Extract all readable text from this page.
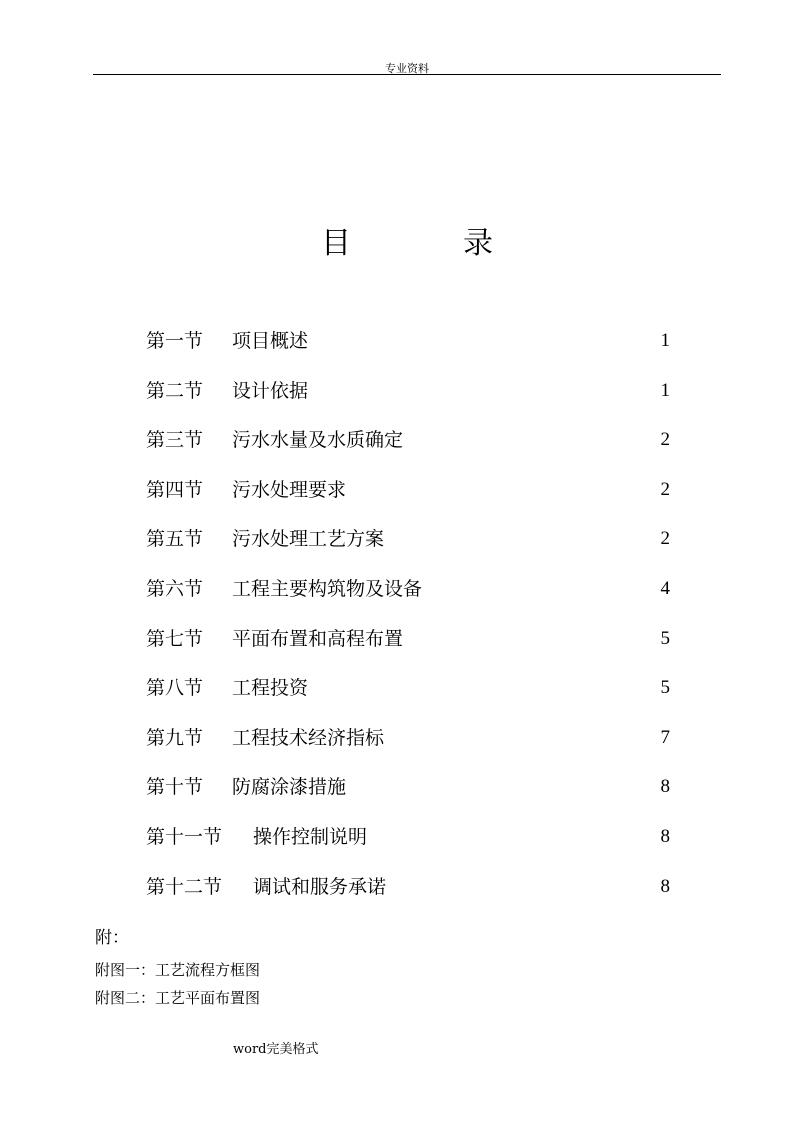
专业资料
目	录
第一节 项目概述	1
第二节 设计依据	1
第三节 污水水量及水质确定	2
第四节 污水处理要求	2
第五节 污水处理工艺方案	2
第六节 工程主要构筑物及设备	4
第七节 平面布置和高程布置	5
第八节 工程投资	5
第九节 工程技术经济指标	7
第十节 防腐涂漆措施	8
第十一节 操作控制说明	8
第十二节 调试和服务承诺	8
附：
附图一：工艺流程方框图
附图二：工艺平面布置图
word完美格式
